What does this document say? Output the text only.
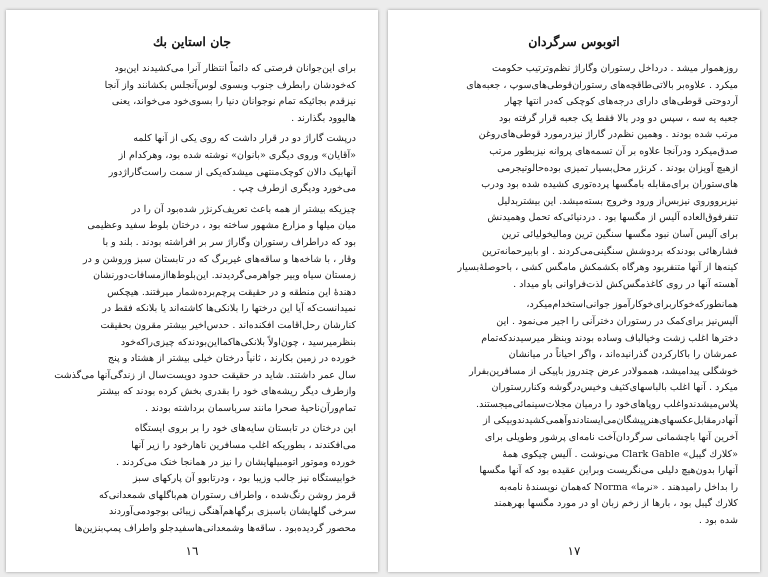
جان استاین بك
برای این‌جوانان فرصتی که داثماً انتظار آنرا می‌کشیدند این‌بود
که‌خودشان را‌بطرف جنوب و‌بسوی لوس‌آنجلس بکشانند و‌از آنجا
نیز‌قدم بجائیکه تمام نوجوانان دنیا را بسوی‌خود می‌خواند، یعنی
هالیوود بگذارند .
درپشت گاراژ دو در قرار داشت که روی یکی از آنها کلمه
«آقایان» وروی دیگری «بانوان» نوشته شده بود، وهر‌کدام از
آنها‌بیک دالان کوچک‌منتهی میشد‌که‌یکی از سمت راست‌گاراژ‌دور
می‌خورد و‌دیگری ازطرف چپ .
چیزیکه بیشتر از همه باعث تعریف‌کرنژر شده‌بود آن را در
میان میلها و مزارع مشهور ساخته بود ، درختان بلوط سفید وعظیمی
بود که دراطراف رستوران وگاراژ سر بر افراشته بودند . بلند و با
وقار ، با شاخه‌ها و ساقه‌های غیر‌برگ که در تابستان سبز ورو‌شن و در
زمستان سیاه و‌بیر جواهر‌می‌گردیدند. این‌بلوط‌ها‌از‌مسافات‌دور‌نشان
دهندهٔ این منطقه و در حقیقت پرچم‌برده‌شمار میرفتند. هیچکس
نمیدانست‌که آیا این درختها را بلانکی‌ها کاشته‌اند یا بلانکه فقط در
کنارشان رحل‌اقامت افکنده‌اند . حدس‌اخیر بیشتر مقرون بحقیقت
بنظر‌میرسید ، چون‌اولاً بلانکی‌ها‌کما‌این‌بودند‌که چیزی‌را‌که‌خود
خورده در زمین بکارند ، ثانیاً درختان خیلی بیشتر از هشتاد و پنج
سال عمر داشتند. شاید در حقیقت حدود دویست‌سال از زندگی‌آنها می‌گذشت
وازطرف دیگر ریشه‌های خود را بقدری بخش کرده بودند که بیشتر
تمام‌ورآن‌ناحیهٔ صحرا مانند سر‌باسمان برداشته بودند .
این درختان در تابستان سایه‌های خود را بر بروی ایستگاه
می‌افکندند ، بطوریکه اغلب مسافرین ناهارخود را زیر آنها
خورده وموتور اتومبیلهایشان را نیز در همانجا خنک می‌کردند .
خوابیستگاه نیز جالب وزیبا بود ، ودرتابوو آن پارکها‌ی سبز
قرمز روشن رنگ‌شده ، واطراف رستوران هم‌باگلهای شمعدانی‌که
سرخی گلهایشان باسبزی برگها‌هم‌آهنگی زیبائی بوجود‌می‌آوردند
محصور گردیده‌بود . ساقه‌ها وشمعدانی‌ها‌سفید‌جلو واطراف پمپ‌بنزین‌ها
١٦
اتوبوس سرگردان
روز‌هموار میشد . درداخل رستوران وگاراژ نظم‌وترتیب حکومت
میکرد . علاوه‌بر بالاتی‌طاقچه‌های رستوران‌قوطی‌های‌سوپ ، جعبه‌های
آرد‌وحتی قوطی‌های دارای درجه‌های کوچکی که‌در انتها چهار
جعبه یه سه ، سپس دو ودر بالا فقط یک جعبه قرار گرفته بود
مرتب شده بودند . وهمین نظم‌در‌ گاراژ نیز‌در‌مورد قوطی‌های‌روغن
صدق‌میکرد ودرآنجا علاوه بر آن تسمه‌های پروانه نیز‌بطور مرتب
ازهیچ آویزان بودند . کرنژر محل‌بسیار تمیزی بوده‌حالوتیجرمی
های‌ستوران برای‌مقابله بامگسها پرده‌توری کشیده شده‌ بود ودرب
نیز‌برو‌وروی نیزبس‌از ورود وخروج بسته‌میشد. این بیشتر‌بدلیل
تنفر‌فوق‌العاده آلیس از مگسها بود . درد‌نیائی‌که تحمل و‌همیدنش
برای آلیس آسان نبود مگسها سنگین ترین و‌مالیخولیائی ترین
فشارهائی بودندکه برد‌وشش سنگینی‌می‌کردند . او بابیرحما‌نه‌ترین
کینه‌ها از آنها متنفر‌بود و‌هرگاه بکشمکش مامگس کشی ، باحوصلهٔ‌بسیار
آهسته آنها در روی کاغذ‌مگس‌کش لذت‌فراوانی باو میداد .
هما‌نطور‌که‌خوکار‌برای‌خوکار‌آموز جوانی‌استخدام‌میکرد،
آلیس‌نیز برای‌کمک در رستوران دختر‌آ‌نی را اجیر می‌نمود . این
دختر‌ها اغلب زشت وخیالباف وساده بودند وبنظر میرسیدند‌که‌تمام
عمرشان را باکار‌کردن گذرانیده‌اند ، و‌اگر احیاناً در میانشان
خوشگلی پیدا‌میشد، هممولادر عرض چندروز باپیکی از مسافرین‌بفرار
میکرد . آنها اغلب بالباسهای‌کثیف وخیس‌در‌گوشه وکنار‌رستوران
پلاس‌میشدند‌واغلب روپاهای‌خود را درمیان مجلات‌سینمائی‌میجستند.
آنها‌در‌مقابل‌عکسهای‌هنرپیشگان‌می‌ایستادند‌و‌آهمی‌کشیدند‌وبیکی از
آخرین آنها باچشمانی سرگردان‌آخت نامه‌ای پرشور وطویلی برای
«کلارك گیبل» Clark Gable می‌نوشت . آلیس چیکوی همهٔ
آنها‌را بدون‌هیچ دلیلی می‌نگریست و‌براین عقیده بود که آنها مگسها
را بداخل را‌میدهند . «نرما» Norma که‌همان نویسندهٔ نامه‌به
کلارك گیبل بود ، بارها از زخم زبان او در مورد مگسها بهرهمند
شده بود .
١٧
